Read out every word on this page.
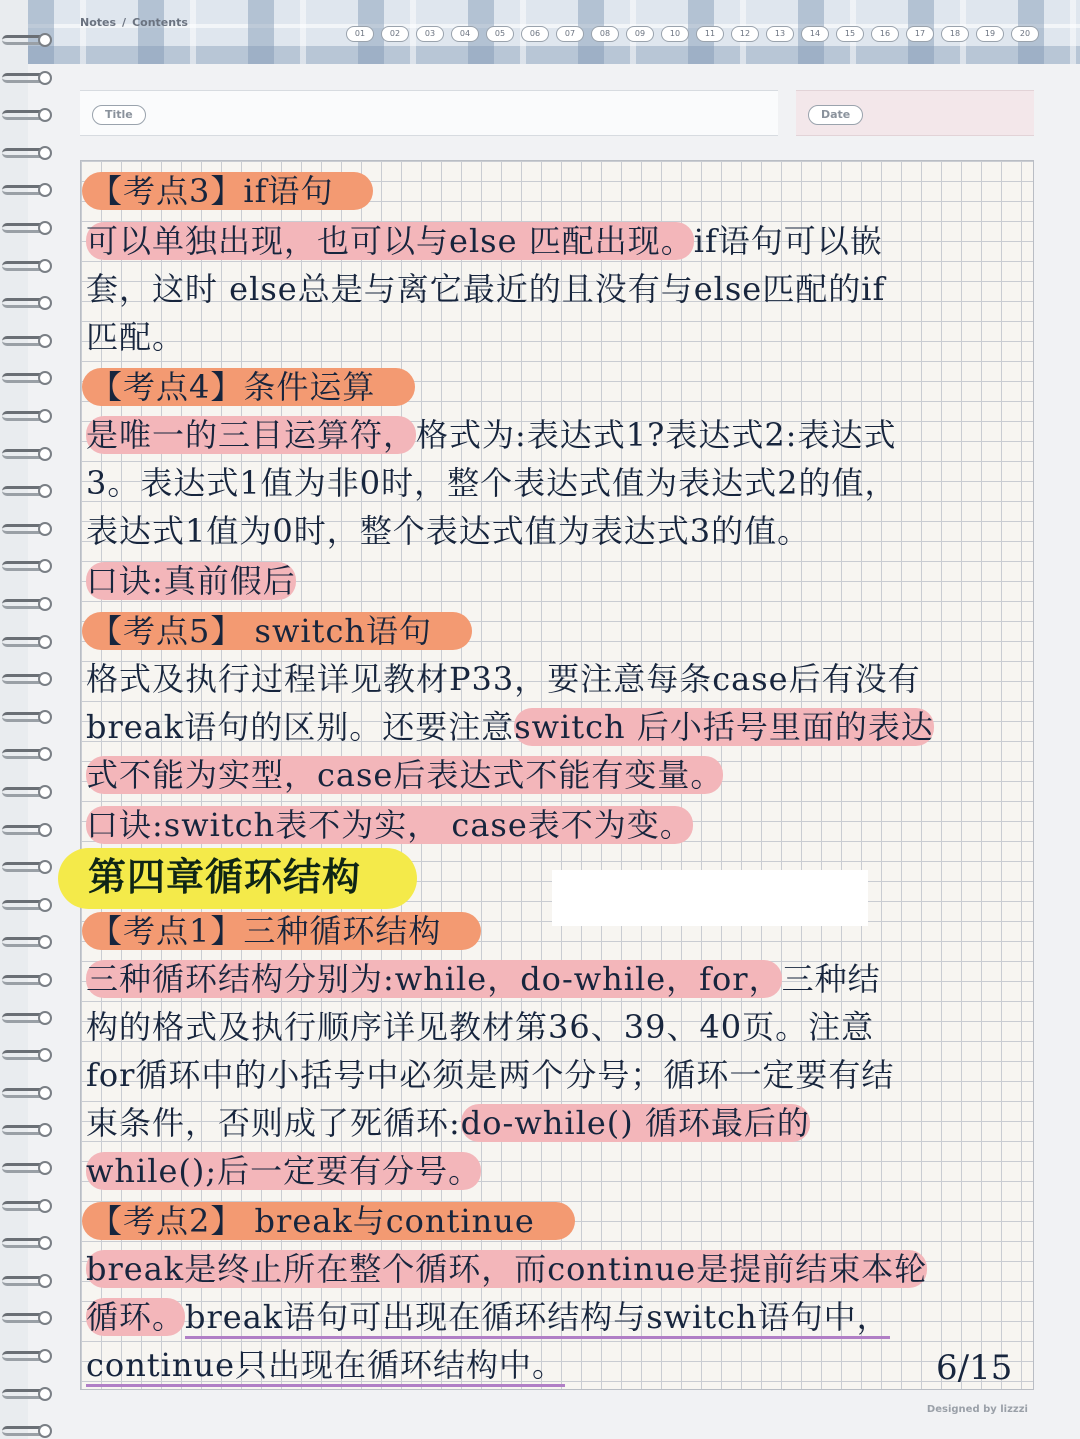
Notes / Contents
01	02	03	04	05	06	07	08	09	10	11	12	13	14	15	16	17	18	19	20
Title	Date
【考点3】if语句
可以单独出现，也可以与else 匹配出现。if语句可以嵌
套，这时 else总是与离它最近的且没有与else匹配的if
匹配。
【考点4】条件运算
是唯一的三目运算符，格式为:表达式1?表达式2:表达式
3。表达式1值为非0时，整个表达式值为表达式2的值，
表达式1值为0时，整个表达式值为表达式3的值。
口诀:真前假后
【考点5】 switch语句
格式及执行过程详见教材P33，要注意每条case后有没有
break语句的区别。还要注意switch 后小括号里面的表达
式不能为实型，case后表达式不能有变量。
口诀:switch表不为实， case表不为变。
第四章循环结构
【考点1】三种循环结构
三种循环结构分别为:while，do-while，for，三种结
构的格式及执行顺序详见教材第36、39、40页。注意
for循环中的小括号中必须是两个分号；循环一定要有结
束条件，否则成了死循环:do-while() 循环最后的
while();后一定要有分号。
【考点2】 break与continue
break是终止所在整个循环，而continue是提前结束本轮
循环。break语句可出现在循环结构与switch语句中，
continue只出现在循环结构中。	6/15
Designed by lizzzi
